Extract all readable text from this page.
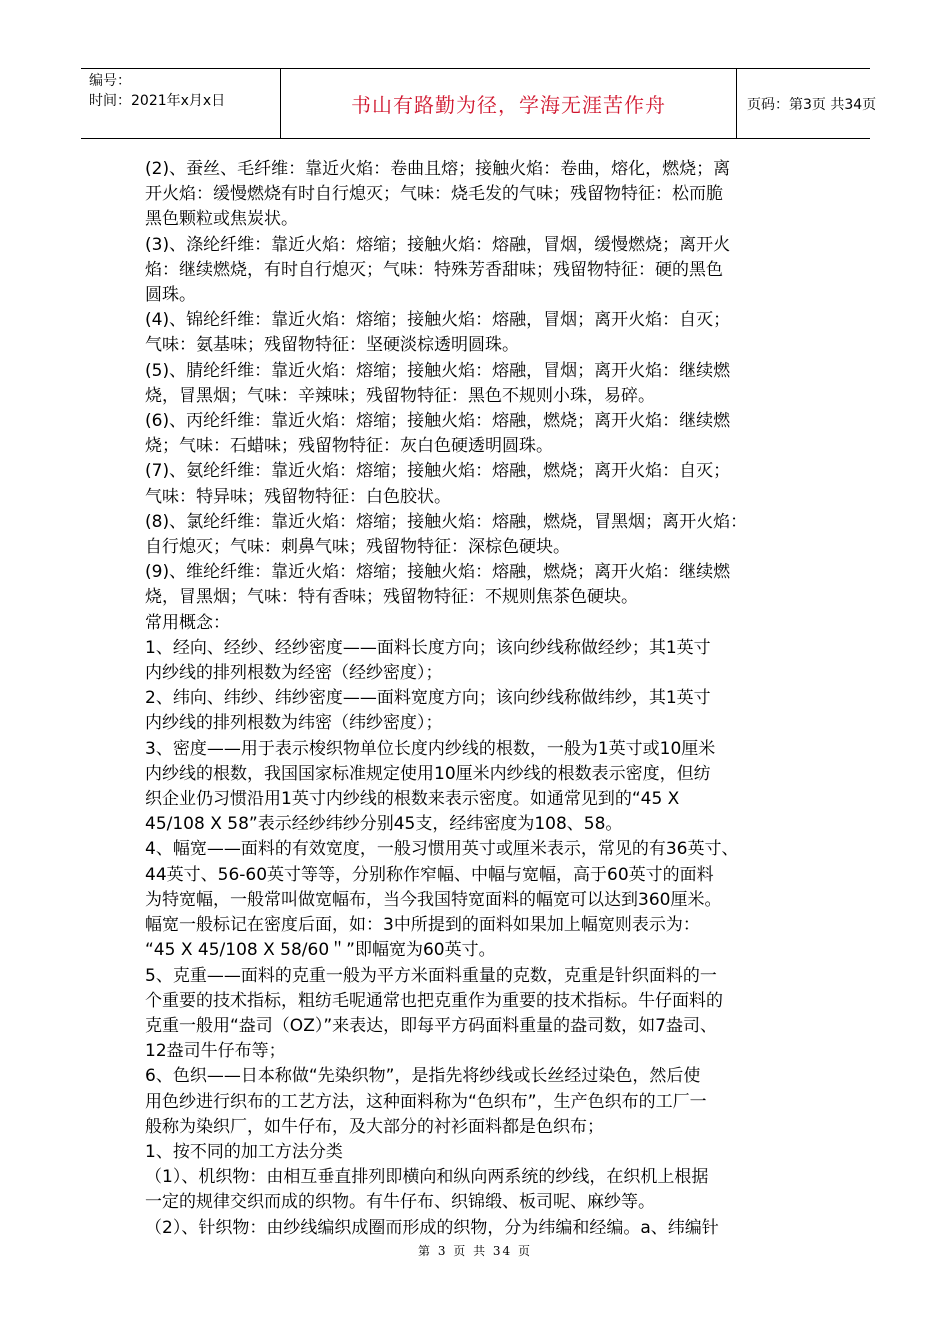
编号：
时间：2021年x月x日	书山有路勤为径，学海无涯苦作舟	页码：第3页 共34页

(2)、蚕丝、毛纤维：靠近火焰：卷曲且熔；接触火焰：卷曲，熔化，燃烧；离

开火焰：缓慢燃烧有时自行熄灭；气味：烧毛发的气味；残留物特征：松而脆

黑色颗粒或焦炭状。

(3)、涤纶纤维：靠近火焰：熔缩；接触火焰：熔融，冒烟，缓慢燃烧；离开火

焰：继续燃烧，有时自行熄灭；气味：特殊芳香甜味；残留物特征：硬的黑色

圆珠。

(4)、锦纶纤维：靠近火焰：熔缩；接触火焰：熔融，冒烟；离开火焰：自灭；

气味：氨基味；残留物特征：坚硬淡棕透明圆珠。

(5)、腈纶纤维：靠近火焰：熔缩；接触火焰：熔融，冒烟；离开火焰：继续燃

烧，冒黑烟；气味：辛辣味；残留物特征：黑色不规则小珠，易碎。

(6)、丙纶纤维：靠近火焰：熔缩；接触火焰：熔融，燃烧；离开火焰：继续燃

烧；气味：石蜡味；残留物特征：灰白色硬透明圆珠。

(7)、氨纶纤维：靠近火焰：熔缩；接触火焰：熔融，燃烧；离开火焰：自灭；

气味：特异味；残留物特征：白色胶状。

(8)、氯纶纤维：靠近火焰：熔缩；接触火焰：熔融，燃烧，冒黑烟；离开火焰：

自行熄灭；气味：刺鼻气味；残留物特征：深棕色硬块。

(9)、维纶纤维：靠近火焰：熔缩；接触火焰：熔融，燃烧；离开火焰：继续燃

烧，冒黑烟；气味：特有香味；残留物特征：不规则焦茶色硬块。

常用概念：

1、经向、经纱、经纱密度——面料长度方向；该向纱线称做经纱；其1英寸

内纱线的排列根数为经密（经纱密度）；

2、纬向、纬纱、纬纱密度——面料宽度方向；该向纱线称做纬纱，其1英寸

内纱线的排列根数为纬密（纬纱密度）；

3、密度——用于表示梭织物单位长度内纱线的根数，一般为1英寸或10厘米

内纱线的根数，我国国家标准规定使用10厘米内纱线的根数表示密度，但纺

织企业仍习惯沿用1英寸内纱线的根数来表示密度。如通常见到的“45 X

45/108 X 58”表示经纱纬纱分别45支，经纬密度为108、58。

4、幅宽——面料的有效宽度，一般习惯用英寸或厘米表示，常见的有36英寸、

44英寸、56-60英寸等等，分别称作窄幅、中幅与宽幅，高于60英寸的面料

为特宽幅，一般常叫做宽幅布，当今我国特宽面料的幅宽可以达到360厘米。

幅宽一般标记在密度后面，如：3中所提到的面料如果加上幅宽则表示为：

“45 X 45/108 X 58/60＂”即幅宽为60英寸。

5、克重——面料的克重一般为平方米面料重量的克数，克重是针织面料的一

个重要的技术指标，粗纺毛呢通常也把克重作为重要的技术指标。牛仔面料的

克重一般用“盎司（OZ）”来表达，即每平方码面料重量的盎司数，如7盎司、

12盎司牛仔布等；

6、色织——日本称做“先染织物”，是指先将纱线或长丝经过染色，然后使

用色纱进行织布的工艺方法，这种面料称为“色织布”，生产色织布的工厂一

般称为染织厂，如牛仔布，及大部分的衬衫面料都是色织布；

1、按不同的加工方法分类

（1）、机织物：由相互垂直排列即横向和纵向两系统的纱线，在织机上根据

一定的规律交织而成的织物。有牛仔布、织锦缎、板司呢、麻纱等。

（2）、针织物：由纱线编织成圈而形成的织物，分为纬编和经编。a、纬编针

第 3 页 共 34 页
